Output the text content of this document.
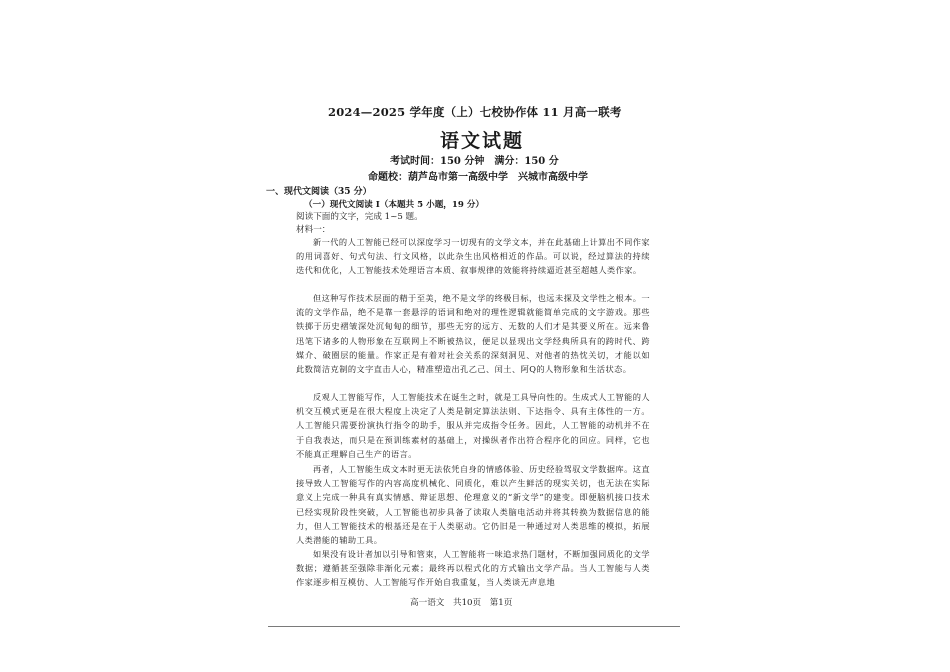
2024—2025 学年度（上）七校协作体 11 月高一联考
语文试题
考试时间：150 分钟　满分：150 分
命题校：葫芦岛市第一高级中学　兴城市高级中学
一、现代文阅读（35 分）
（一）现代文阅读 I（本题共 5 小题，19 分）
阅读下面的文字，完成 1~5 题。
材料一：
新一代的人工智能已经可以深度学习一切现有的文学文本，并在此基础上计算出不同作家的用词喜好、句式句法、行文风格，以此杂生出风格相近的作品。可以说，经过算法的持续迭代和优化，人工智能技术处理语言本质、叙事规律的效能将持续逼近甚至超越人类作家。
但这种写作技术层面的精于至美，绝不是文学的终极目标，也远未探及文学性之根本。一流的文学作品，绝不是靠一套悬浮的语词和绝对的理性逻辑就能简单完成的文字游戏。那些铁掷于历史褶皱深处沉甸甸的细节，那些无穷的远方、无数的人们才是其要义所在。远来鲁迅笔下诸多的人物形象在互联网上不断被热议，便足以显现出文学经典所具有的跨时代、跨媒介、破圈层的能量。作家正是有着对社会关系的深刻洞见、对他者的热忱关切，才能以如此数简洁克制的文字直击人心，精准塑造出孔乙己、闰土、阿Q的人物形象和生活状态。
反观人工智能写作，人工智能技术在诞生之时，就是工具导向性的。生成式人工智能的人机交互模式更是在很大程度上决定了人类是制定算法法则、下达指令、具有主体性的一方。人工智能只需要扮演执行指令的助手，服从并完成指令任务。因此，人工智能的动机并不在于自我表达，而只是在预训练素材的基础上，对操纵者作出符合程序化的回应。同样，它也不能真正理解自己生产的语言。
再者，人工智能生成文本时更无法依凭自身的情感体验、历史经验驾驭文学数据库。这直接导致人工智能写作的内容高度机械化、同质化，难以产生鲜活的现实关切，也无法在实际意义上完成一种具有真实情感、辩证思想、伦理意义的“新文学”的建变。即便脑机接口技术已经实现阶段性突破，人工智能也初步具备了读取人类脑电活动并将其转换为数据信息的能力，但人工智能技术的根基还是在于人类驱动。它仍旧是一种通过对人类思维的模拟，拓展人类潜能的辅助工具。
如果没有设计者加以引导和管束，人工智能将一味追求热门题材，不断加强同质化的文学数据；遵循甚至强除非渐化元素；最终再以程式化的方式输出文学产品。当人工智能与人类作家逐步相互模仿、人工智能写作开始自我重复，当人类谈无声息地
高一语文　共10页　第1页
